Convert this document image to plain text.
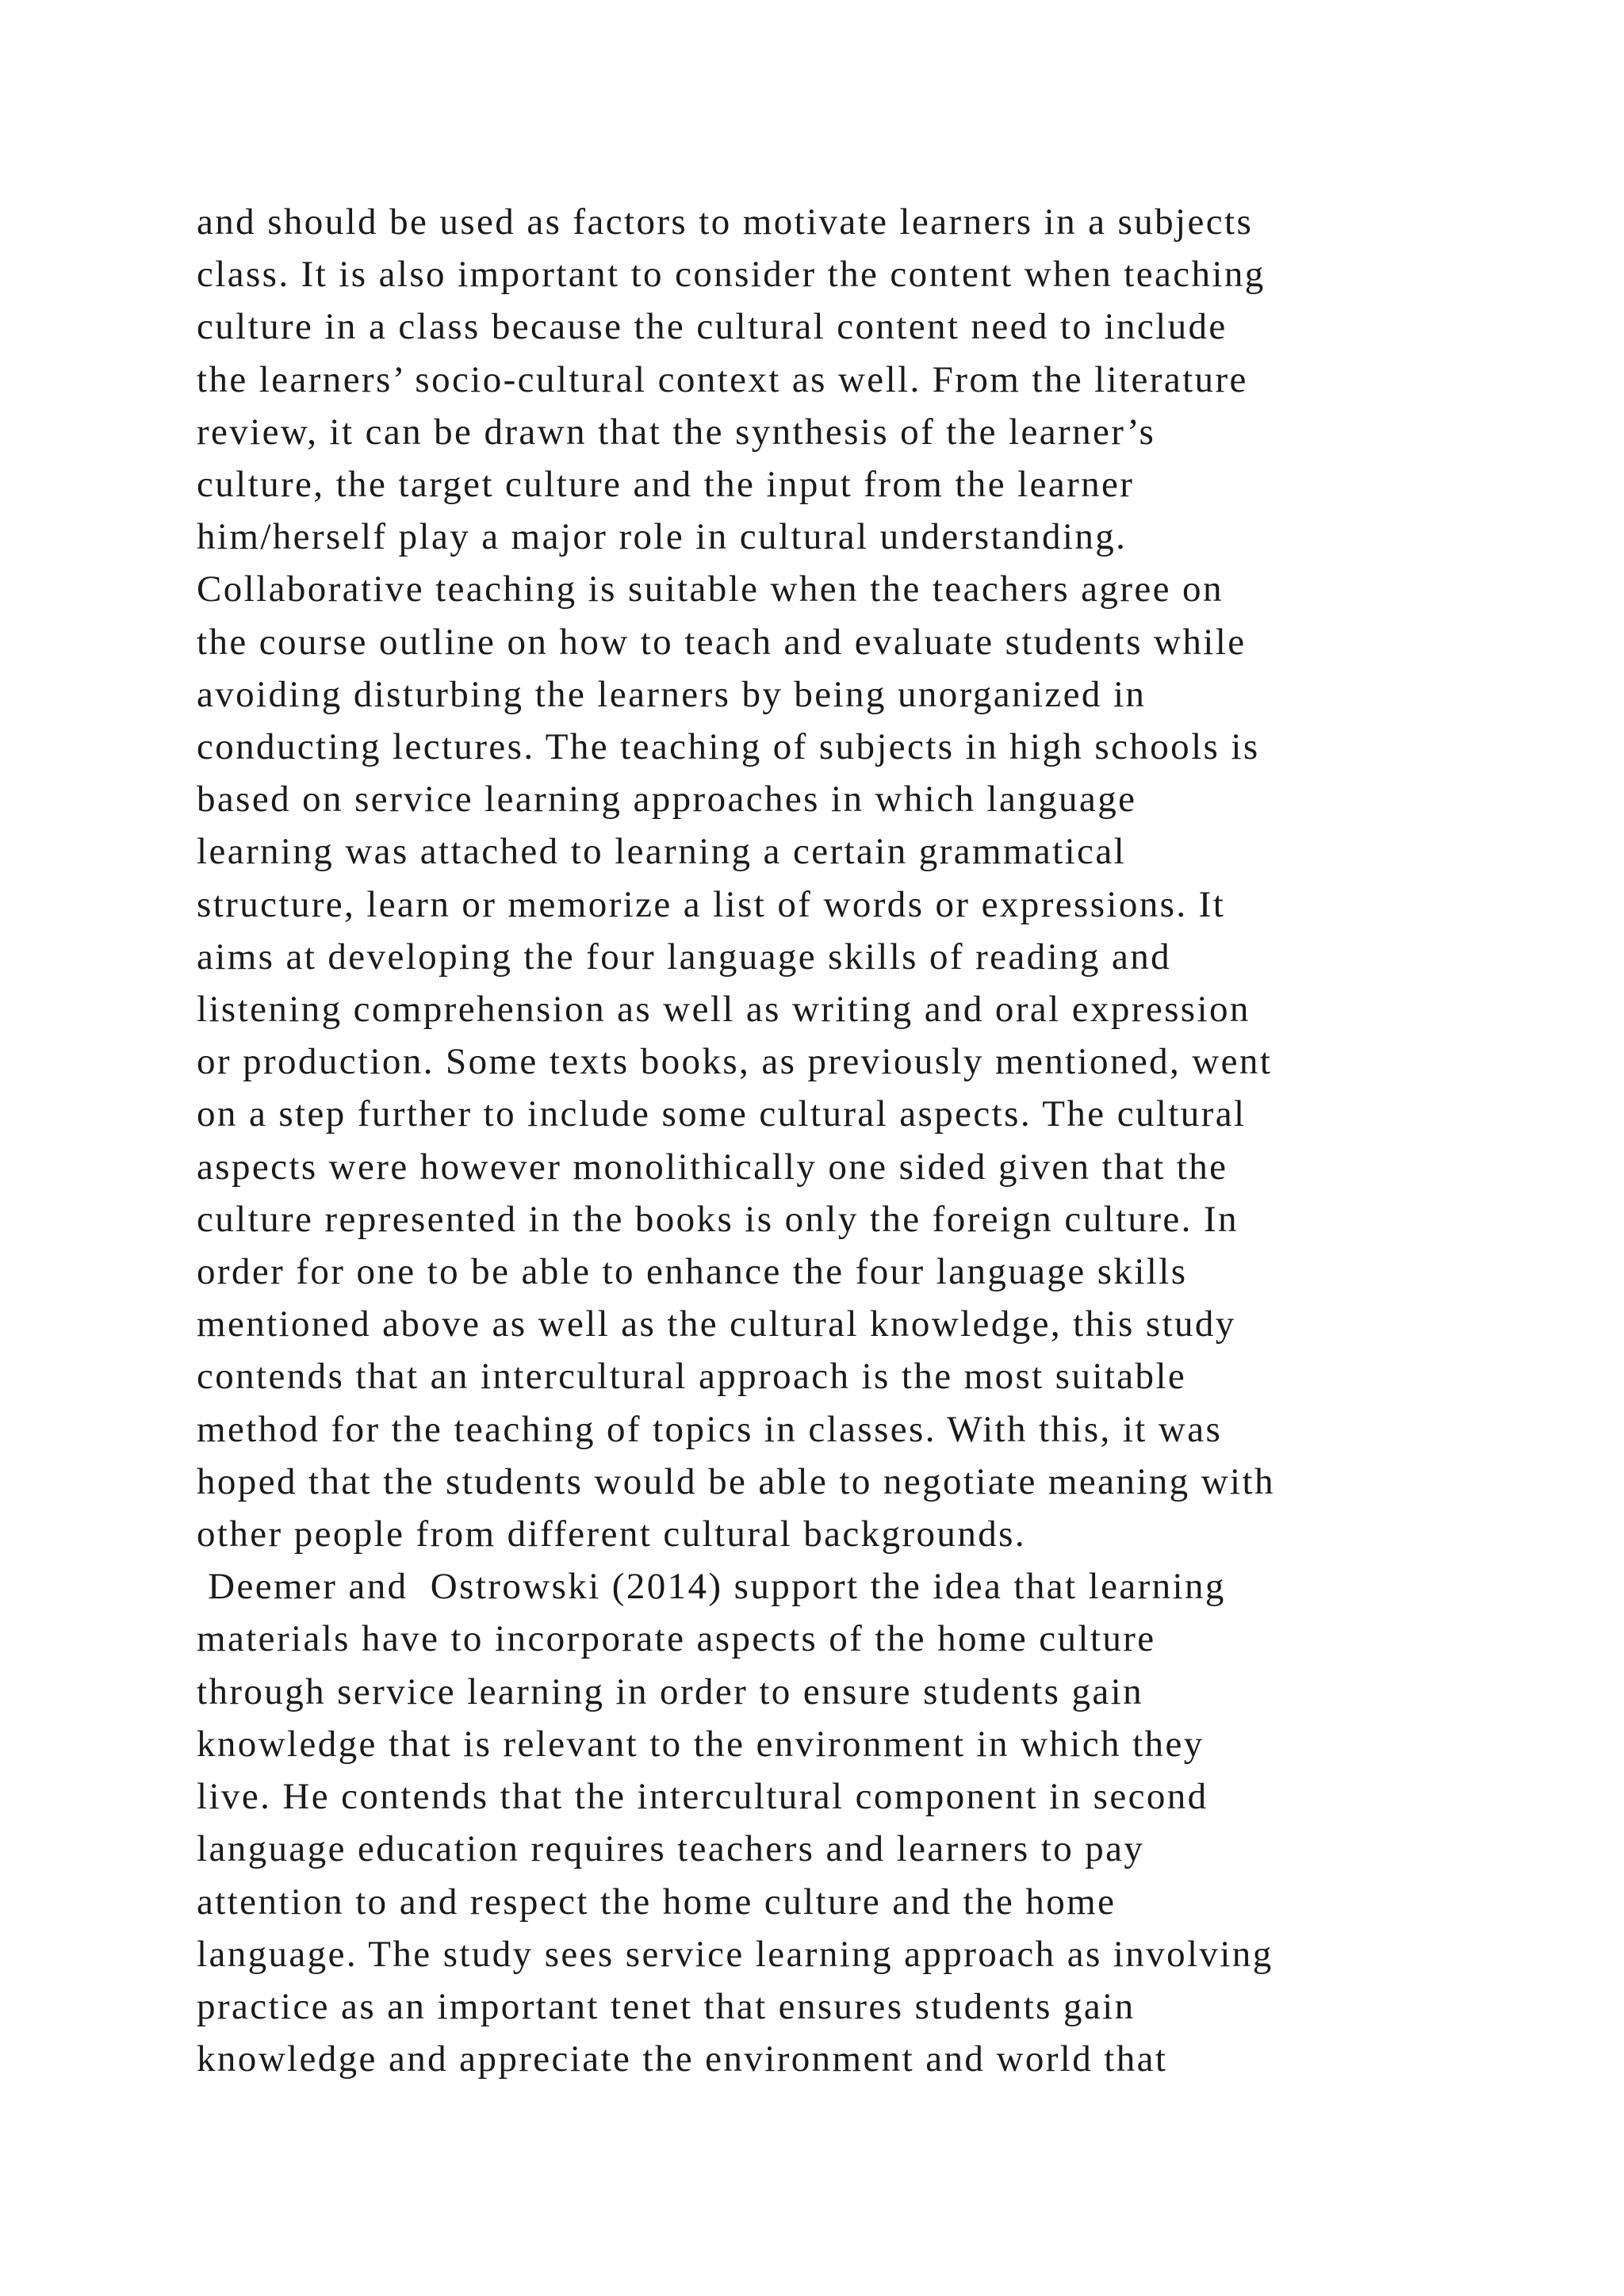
and should be used as factors to motivate learners in a subjects
class. It is also important to consider the content when teaching
culture in a class because the cultural content need to include
the learners’ socio-cultural context as well. From the literature
review, it can be drawn that the synthesis of the learner’s
culture, the target culture and the input from the learner
him/herself play a major role in cultural understanding.
Collaborative teaching is suitable when the teachers agree on
the course outline on how to teach and evaluate students while
avoiding disturbing the learners by being unorganized in
conducting lectures. The teaching of subjects in high schools is
based on service learning approaches in which language
learning was attached to learning a certain grammatical
structure, learn or memorize a list of words or expressions. It
aims at developing the four language skills of reading and
listening comprehension as well as writing and oral expression
or production. Some texts books, as previously mentioned, went
on a step further to include some cultural aspects. The cultural
aspects were however monolithically one sided given that the
culture represented in the books is only the foreign culture. In
order for one to be able to enhance the four language skills
mentioned above as well as the cultural knowledge, this study
contends that an intercultural approach is the most suitable
method for the teaching of topics in classes. With this, it was
hoped that the students would be able to negotiate meaning with
other people from different cultural backgrounds.
Deemer and  Ostrowski (2014) support the idea that learning
materials have to incorporate aspects of the home culture
through service learning in order to ensure students gain
knowledge that is relevant to the environment in which they
live. He contends that the intercultural component in second
language education requires teachers and learners to pay
attention to and respect the home culture and the home
language. The study sees service learning approach as involving
practice as an important tenet that ensures students gain
knowledge and appreciate the environment and world that
